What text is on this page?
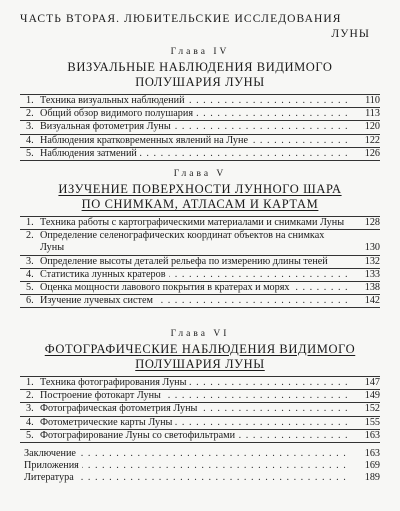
ЧАСТЬ ВТОРАЯ. ЛЮБИТЕЛЬСКИЕ ИССЛЕДОВАНИЯ
ЛУНЫ
Глава IV
ВИЗУАЛЬНЫЕ НАБЛЮДЕНИЯ ВИДИМОГО
ПОЛУШАРИЯ ЛУНЫ
1. Техника визуальных наблюдений . . .	110
2. Общий обзор видимого полушария . . .	113
3. Визуальная фотометрия Луны . . .	120
4. Наблюдения кратковременных явлений на Луне . . .	122
5. Наблюдения затмений . . .	126
Глава V
ИЗУЧЕНИЕ ПОВЕРХНОСТИ ЛУННОГО ШАРА
ПО СНИМКАМ, АТЛАСАМ И КАРТАМ
1. Техника работы с картографическими материалами и снимками Луны	128
2. Определение селенографических координат объектов на снимках Луны	130
3. Определение высоты деталей рельефа по измерению длины теней	132
4. Статистика лунных кратеров . . .	133
5. Оценка мощности лавового покрытия в кратерах и морях . . .	138
6. Изучение лучевых систем . . .	142
Глава VI
ФОТОГРАФИЧЕСКИЕ НАБЛЮДЕНИЯ ВИДИМОГО
ПОЛУШАРИЯ ЛУНЫ
1. Техника фотографирования Луны . . .	147
2. Построение фотокарт Луны . . .	149
3. Фотографическая фотометрия Луны . . .	152
4. Фотометрические карты Луны . . .	155
5. Фотографирование Луны со светофильтрами . . .	163
Заключение . . .	163
Приложения . . .	169
Литература . . .	189
